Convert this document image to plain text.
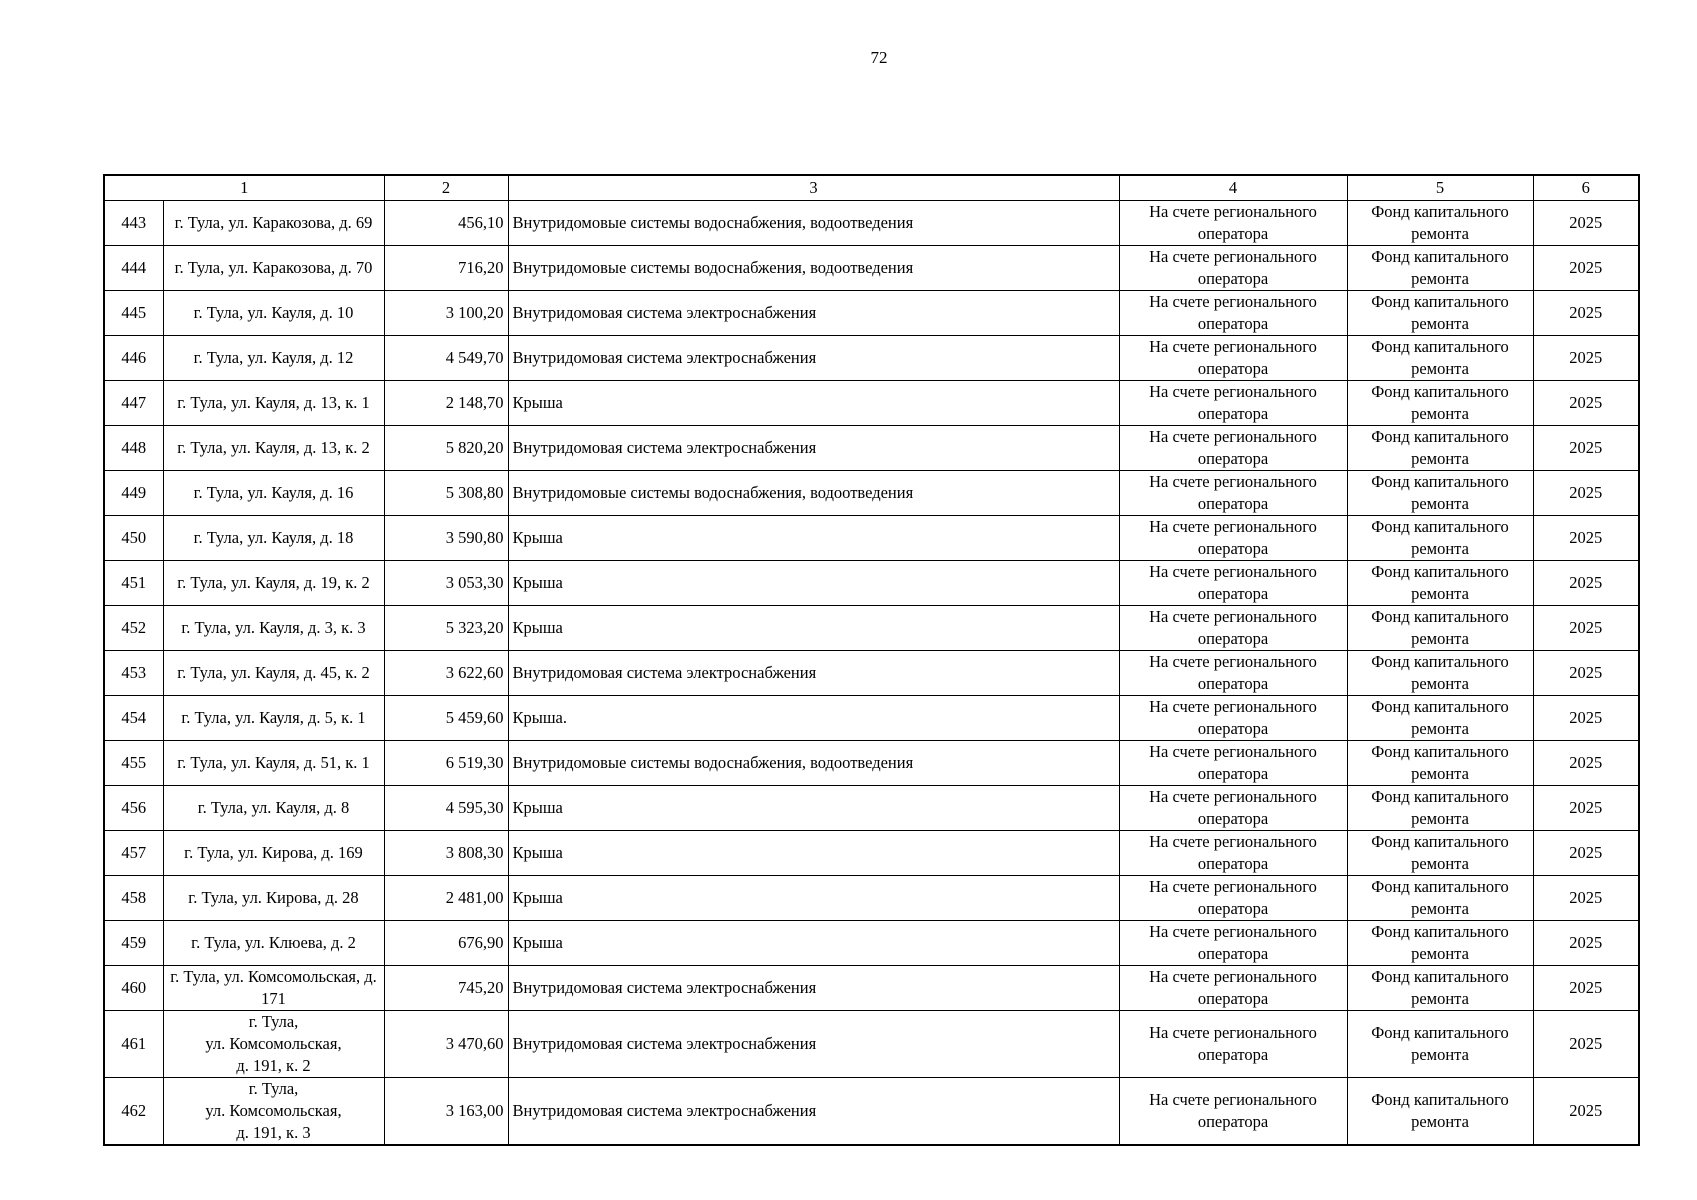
72
1		2	3	4	5	6
443	г. Тула, ул. Каракозова, д. 69	456,10	Внутридомовые системы водоснабжения, водоотведения	На счете регионального оператора	Фонд капитального ремонта	2025
444	г. Тула, ул. Каракозова, д. 70	716,20	Внутридомовые системы водоснабжения, водоотведения	На счете регионального оператора	Фонд капитального ремонта	2025
445	г. Тула, ул. Кауля, д. 10	3 100,20	Внутридомовая система электроснабжения	На счете регионального оператора	Фонд капитального ремонта	2025
446	г. Тула, ул. Кауля, д. 12	4 549,70	Внутридомовая система электроснабжения	На счете регионального оператора	Фонд капитального ремонта	2025
447	г. Тула, ул. Кауля, д. 13, к. 1	2 148,70	Крыша	На счете регионального оператора	Фонд капитального ремонта	2025
448	г. Тула, ул. Кауля, д. 13, к. 2	5 820,20	Внутридомовая система электроснабжения	На счете регионального оператора	Фонд капитального ремонта	2025
449	г. Тула, ул. Кауля, д. 16	5 308,80	Внутридомовые системы водоснабжения, водоотведения	На счете регионального оператора	Фонд капитального ремонта	2025
450	г. Тула, ул. Кауля, д. 18	3 590,80	Крыша	На счете регионального оператора	Фонд капитального ремонта	2025
451	г. Тула, ул. Кауля, д. 19, к. 2	3 053,30	Крыша	На счете регионального оператора	Фонд капитального ремонта	2025
452	г. Тула, ул. Кауля, д. 3, к. 3	5 323,20	Крыша	На счете регионального оператора	Фонд капитального ремонта	2025
453	г. Тула, ул. Кауля, д. 45, к. 2	3 622,60	Внутридомовая система электроснабжения	На счете регионального оператора	Фонд капитального ремонта	2025
454	г. Тула, ул. Кауля, д. 5, к. 1	5 459,60	Крыша.	На счете регионального оператора	Фонд капитального ремонта	2025
455	г. Тула, ул. Кауля, д. 51, к. 1	6 519,30	Внутридомовые системы водоснабжения, водоотведения	На счете регионального оператора	Фонд капитального ремонта	2025
456	г. Тула, ул. Кауля, д. 8	4 595,30	Крыша	На счете регионального оператора	Фонд капитального ремонта	2025
457	г. Тула, ул. Кирова, д. 169	3 808,30	Крыша	На счете регионального оператора	Фонд капитального ремонта	2025
458	г. Тула, ул. Кирова, д. 28	2 481,00	Крыша	На счете регионального оператора	Фонд капитального ремонта	2025
459	г. Тула, ул. Клюева, д. 2	676,90	Крыша	На счете регионального оператора	Фонд капитального ремонта	2025
460	г. Тула, ул. Комсомольская, д. 171	745,20	Внутридомовая система электроснабжения	На счете регионального оператора	Фонд капитального ремонта	2025
461	г. Тула,
ул. Комсомольская,
д. 191, к. 2	3 470,60	Внутридомовая система электроснабжения	На счете регионального оператора	Фонд капитального ремонта	2025
462	г. Тула,
ул. Комсомольская,
д. 191, к. 3	3 163,00	Внутридомовая система электроснабжения	На счете регионального оператора	Фонд капитального ремонта	2025
